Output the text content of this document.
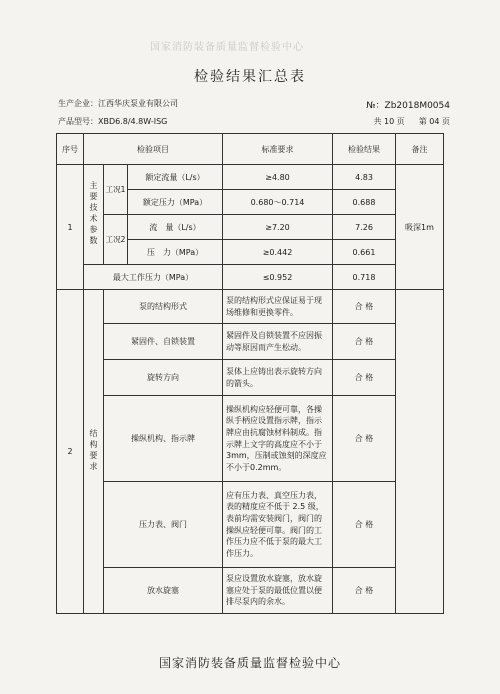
国家消防装备质量监督检验中心
检验结果汇总表
生产企业：江西华庆泵业有限公司
产品型号：XBD6.8/4.8W-ISG
№：Zb2018M0054
共 10 页 第 04 页
序号	检验项目			标准要求	检验结果	备注
1	主要技术参数	工况1	额定流量（L/s）	≥4.80	4.83	吸深1m
			额定压力（MPa）	0.680～0.714	0.688	
		工况2	流　量（L/s）	≥7.20	7.26	
			压　力（MPa）	≥0.442	0.661	
	最大工作压力（MPa）			≤0.952	0.718	
2	结构要求	泵的结构形式		泵的结构形式应保证易于现场维修和更换零件。	合 格	
		紧固件、自锁装置		紧固件及自锁装置不应因振动等原因而产生松动。	合 格	
		旋转方向		泵体上应铸出表示旋转方向的箭头。	合 格	
		操纵机构、指示牌		操纵机构应轻便可靠，各操纵手柄应设置指示牌，指示牌应由抗腐蚀材料制成。指示牌上文字的高度应不小于 3mm，压制或蚀刻的深度应不小于0.2mm。	合 格	
		压力表、阀门		应有压力表、真空压力表，表的精度应不低于 2.5 级，表前均需安装阀门，阀门的操纵应轻便可靠。阀门的工作压力应不低于泵的最大工作压力。	合 格	
		放水旋塞		泵应设置放水旋塞，放水旋塞应处于泵的最低位置以便排尽泵内的余水。	合 格	
国家消防装备质量监督检验中心
